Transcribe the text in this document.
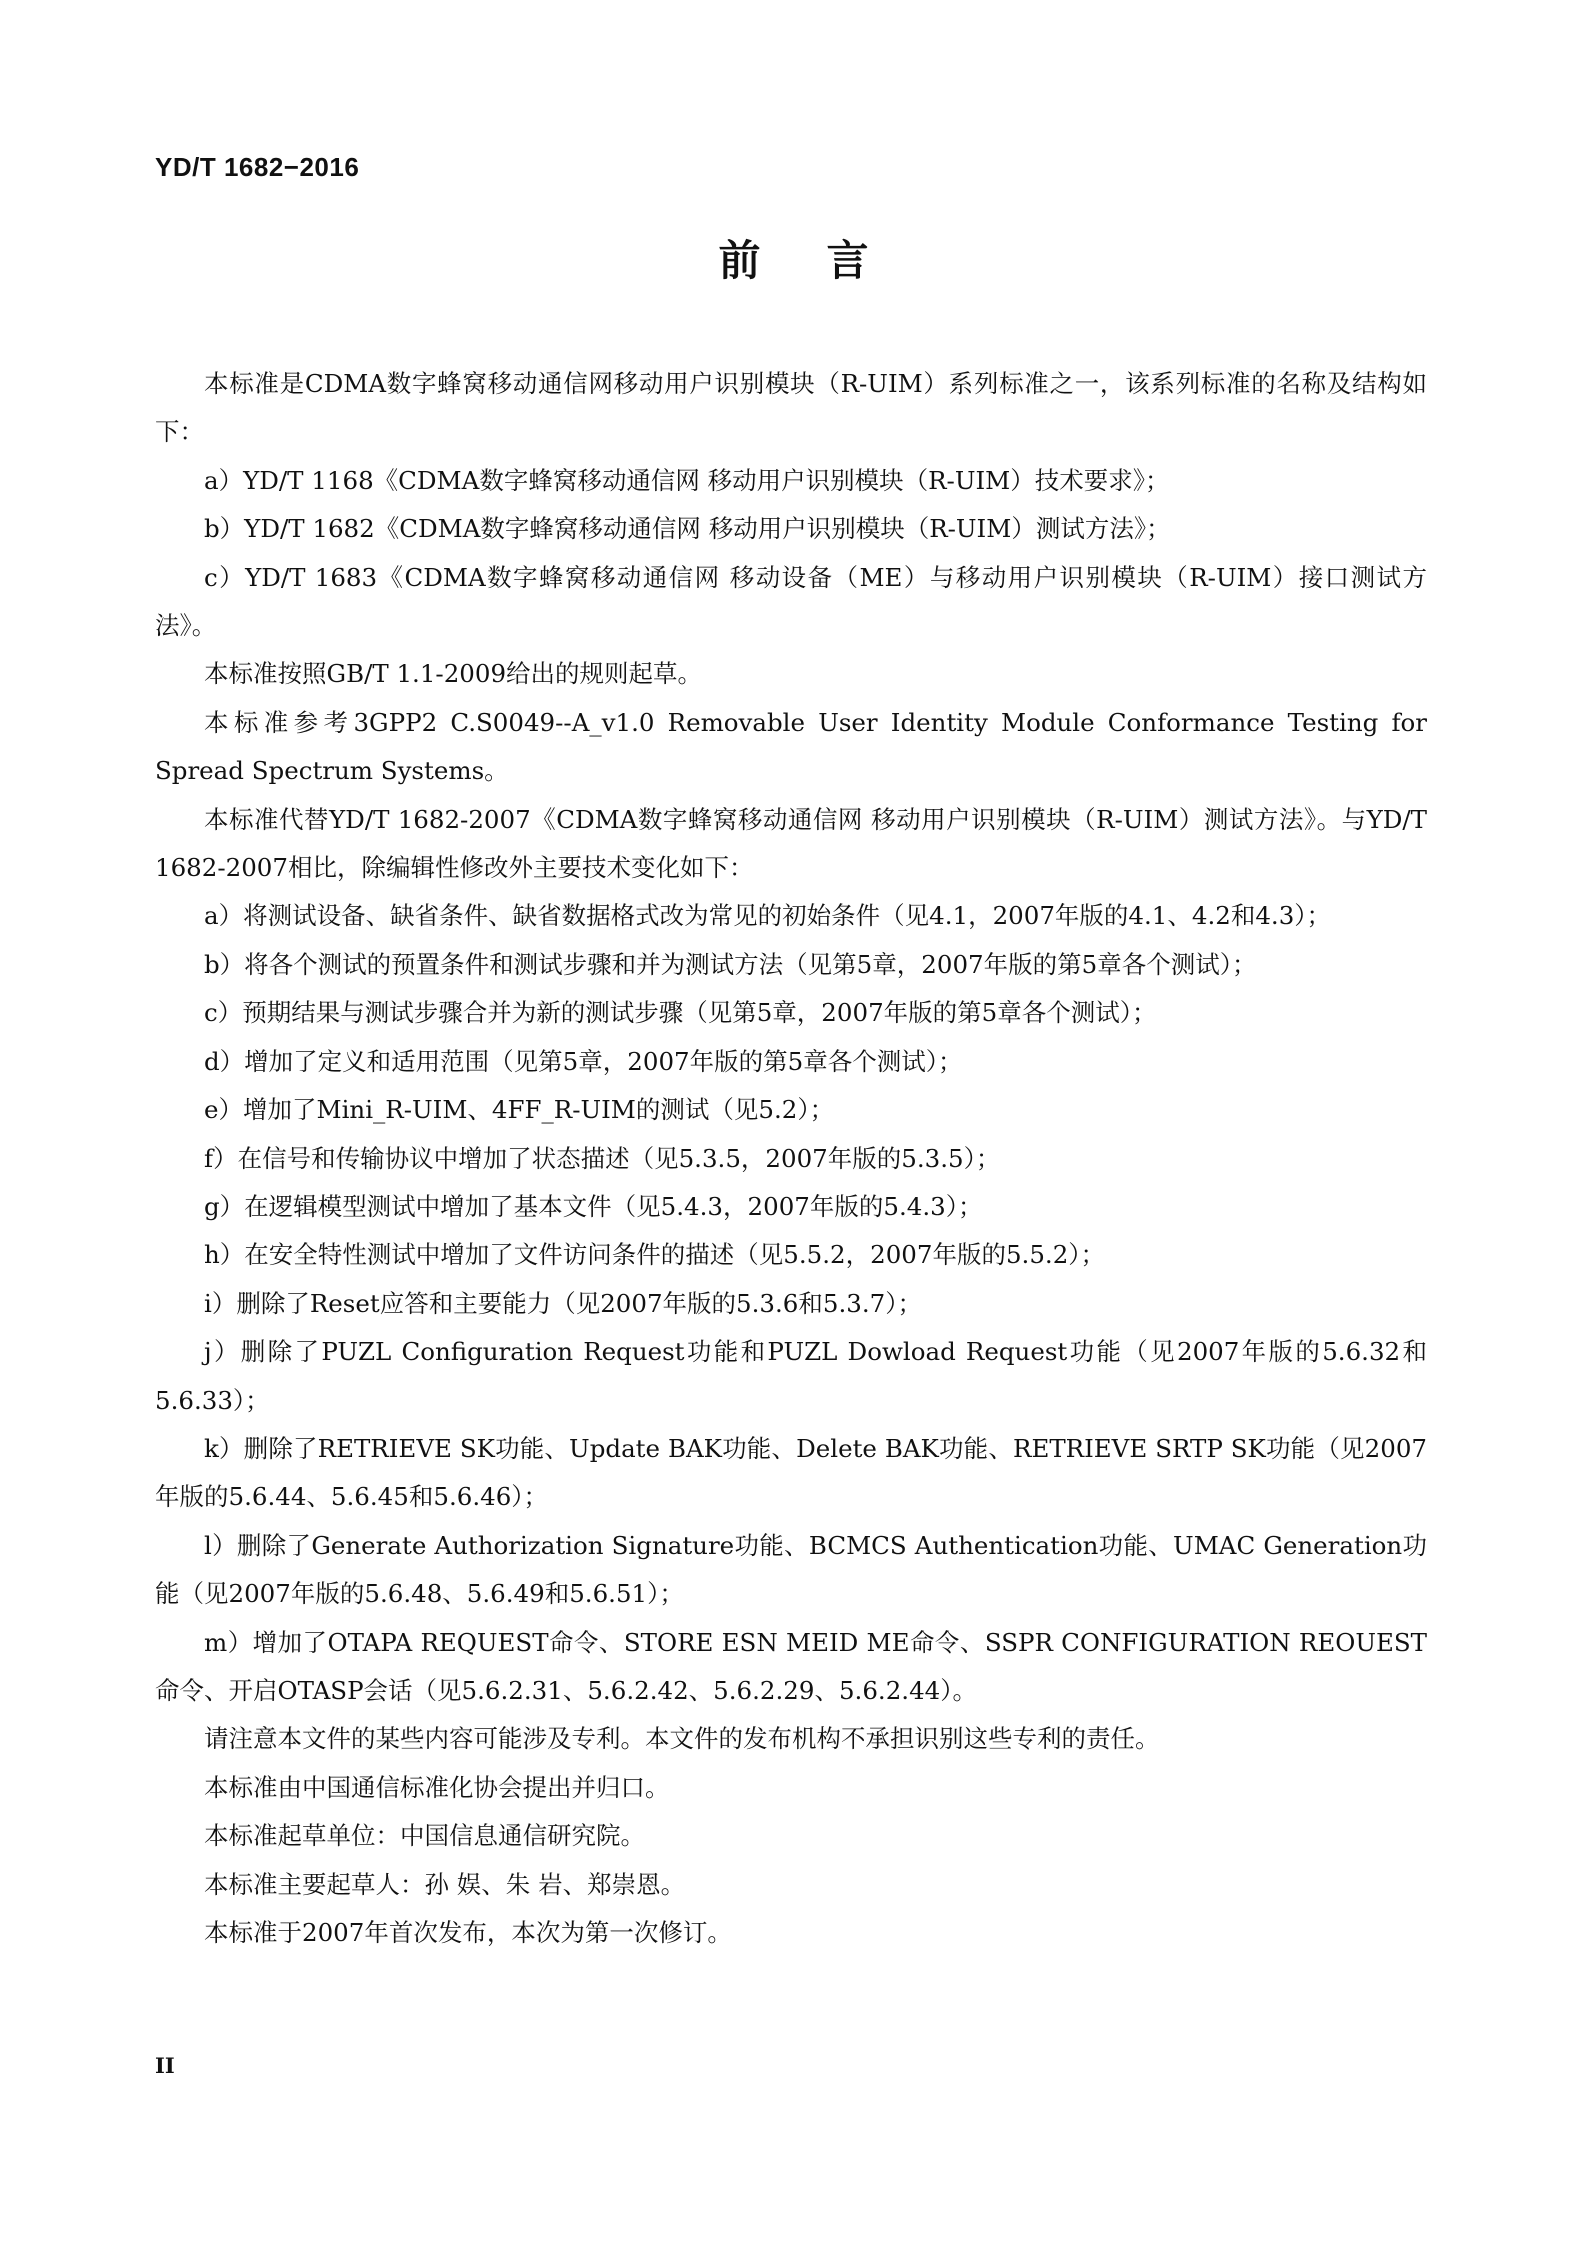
YD/T 1682−2016
前言

本标准是CDMA数字蜂窝移动通信网移动用户识别模块（R-UIM）系列标准之一，该系列标准的名称及结构如下：

a）YD/T 1168《CDMA数字蜂窝移动通信网 移动用户识别模块（R-UIM）技术要求》；

b）YD/T 1682《CDMA数字蜂窝移动通信网 移动用户识别模块（R-UIM）测试方法》；

c）YD/T 1683《CDMA数字蜂窝移动通信网 移动设备（ME）与移动用户识别模块（R-UIM）接口测试方法》。

本标准按照GB/T 1.1-2009给出的规则起草。

本标准参考3GPP2 C.S0049--A_v1.0 Removable User Identity Module Conformance Testing for Spread Spectrum Systems。

本标准代替YD/T 1682-2007《CDMA数字蜂窝移动通信网 移动用户识别模块（R-UIM）测试方法》。与YD/T 1682-2007相比，除编辑性修改外主要技术变化如下：

a）将测试设备、缺省条件、缺省数据格式改为常见的初始条件（见4.1，2007年版的4.1、4.2和4.3）；

b）将各个测试的预置条件和测试步骤和并为测试方法（见第5章，2007年版的第5章各个测试）；

c）预期结果与测试步骤合并为新的测试步骤（见第5章，2007年版的第5章各个测试）；

d）增加了定义和适用范围（见第5章，2007年版的第5章各个测试）；

e）增加了Mini_R-UIM、4FF_R-UIM的测试（见5.2）；

f）在信号和传输协议中增加了状态描述（见5.3.5，2007年版的5.3.5）；

g）在逻辑模型测试中增加了基本文件（见5.4.3，2007年版的5.4.3）；

h）在安全特性测试中增加了文件访问条件的描述（见5.5.2，2007年版的5.5.2）；

i）删除了Reset应答和主要能力（见2007年版的5.3.6和5.3.7）；

j）删除了PUZL Configuration Request功能和PUZL Dowload Request功能（见2007年版的5.6.32和5.6.33）；

k）删除了RETRIEVE SK功能、Update BAK功能、Delete BAK功能、RETRIEVE SRTP SK功能（见2007年版的5.6.44、5.6.45和5.6.46）；

l）删除了Generate Authorization Signature功能、BCMCS Authentication功能、UMAC Generation功能（见2007年版的5.6.48、5.6.49和5.6.51）；

m）增加了OTAPA REQUEST命令、STORE ESN MEID ME命令、SSPR CONFIGURATION REOUEST命令、开启OTASP会话（见5.6.2.31、5.6.2.42、5.6.2.29、5.6.2.44）。

请注意本文件的某些内容可能涉及专利。本文件的发布机构不承担识别这些专利的责任。

本标准由中国通信标准化协会提出并归口。

本标准起草单位：中国信息通信研究院。

本标准主要起草人：孙 娱、朱 岩、郑崇恩。

本标准于2007年首次发布，本次为第一次修订。

II
